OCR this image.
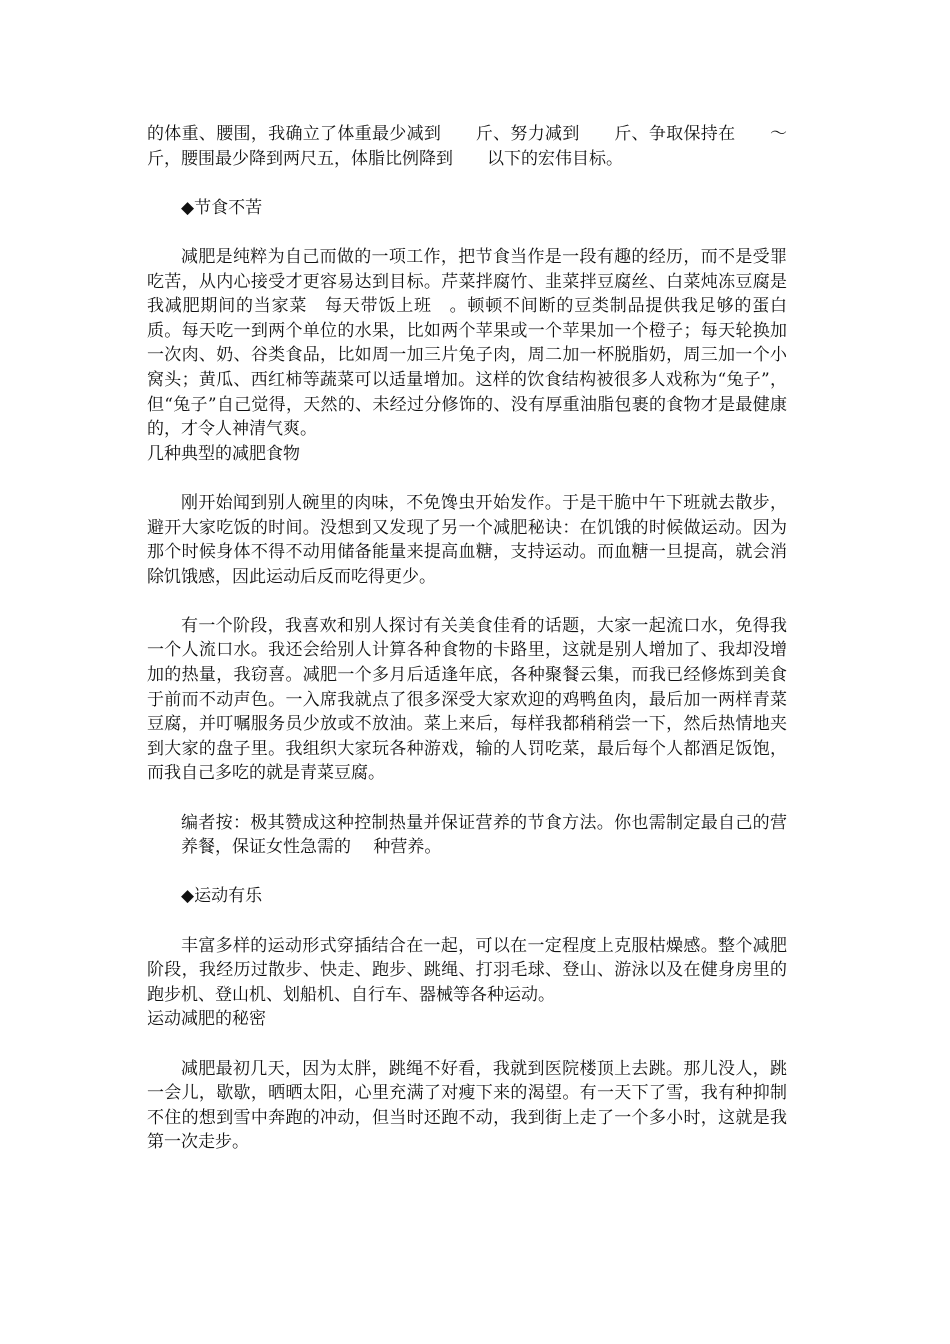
的体重、腰围，我确立了体重最少减到　　斤、努力减到　　斤、争取保持在　　～　　斤，腰围最少降到两尺五，体脂比例降到　　以下的宏伟目标。

◆节食不苦

减肥是纯粹为自己而做的一项工作，把节食当作是一段有趣的经历，而不是受罪吃苦，从内心接受才更容易达到目标。芹菜拌腐竹、韭菜拌豆腐丝、白菜炖冻豆腐是我减肥期间的当家菜　每天带饭上班　。顿顿不间断的豆类制品提供我足够的蛋白质。每天吃一到两个单位的水果，比如两个苹果或一个苹果加一个橙子；每天轮换加一次肉、奶、谷类食品，比如周一加三片兔子肉，周二加一杯脱脂奶，周三加一个小窝头；黄瓜、西红柿等蔬菜可以适量增加。这样的饮食结构被很多人戏称为“兔子”，但“兔子”自己觉得，天然的、未经过分修饰的、没有厚重油脂包裹的食物才是最健康的，才令人神清气爽。

几种典型的减肥食物

刚开始闻到别人碗里的肉味，不免馋虫开始发作。于是干脆中午下班就去散步，避开大家吃饭的时间。没想到又发现了另一个减肥秘诀：在饥饿的时候做运动。因为那个时候身体不得不动用储备能量来提高血糖，支持运动。而血糖一旦提高，就会消除饥饿感，因此运动后反而吃得更少。

有一个阶段，我喜欢和别人探讨有关美食佳肴的话题，大家一起流口水，免得我一个人流口水。我还会给别人计算各种食物的卡路里，这就是别人增加了、我却没增加的热量，我窃喜。减肥一个多月后适逢年底，各种聚餐云集，而我已经修炼到美食于前而不动声色。一入席我就点了很多深受大家欢迎的鸡鸭鱼肉，最后加一两样青菜豆腐，并叮嘱服务员少放或不放油。菜上来后，每样我都稍稍尝一下，然后热情地夹到大家的盘子里。我组织大家玩各种游戏，输的人罚吃菜，最后每个人都酒足饭饱，而我自己多吃的就是青菜豆腐。

编者按：极其赞成这种控制热量并保证营养的节食方法。你也需制定最自己的营养餐，保证女性急需的　 种营养。

◆运动有乐

丰富多样的运动形式穿插结合在一起，可以在一定程度上克服枯燥感。整个减肥阶段，我经历过散步、快走、跑步、跳绳、打羽毛球、登山、游泳以及在健身房里的跑步机、登山机、划船机、自行车、器械等各种运动。

运动减肥的秘密

减肥最初几天，因为太胖，跳绳不好看，我就到医院楼顶上去跳。那儿没人，跳一会儿，歇歇，晒晒太阳，心里充满了对瘦下来的渴望。有一天下了雪，我有种抑制不住的想到雪中奔跑的冲动，但当时还跑不动，我到街上走了一个多小时，这就是我第一次走步。
